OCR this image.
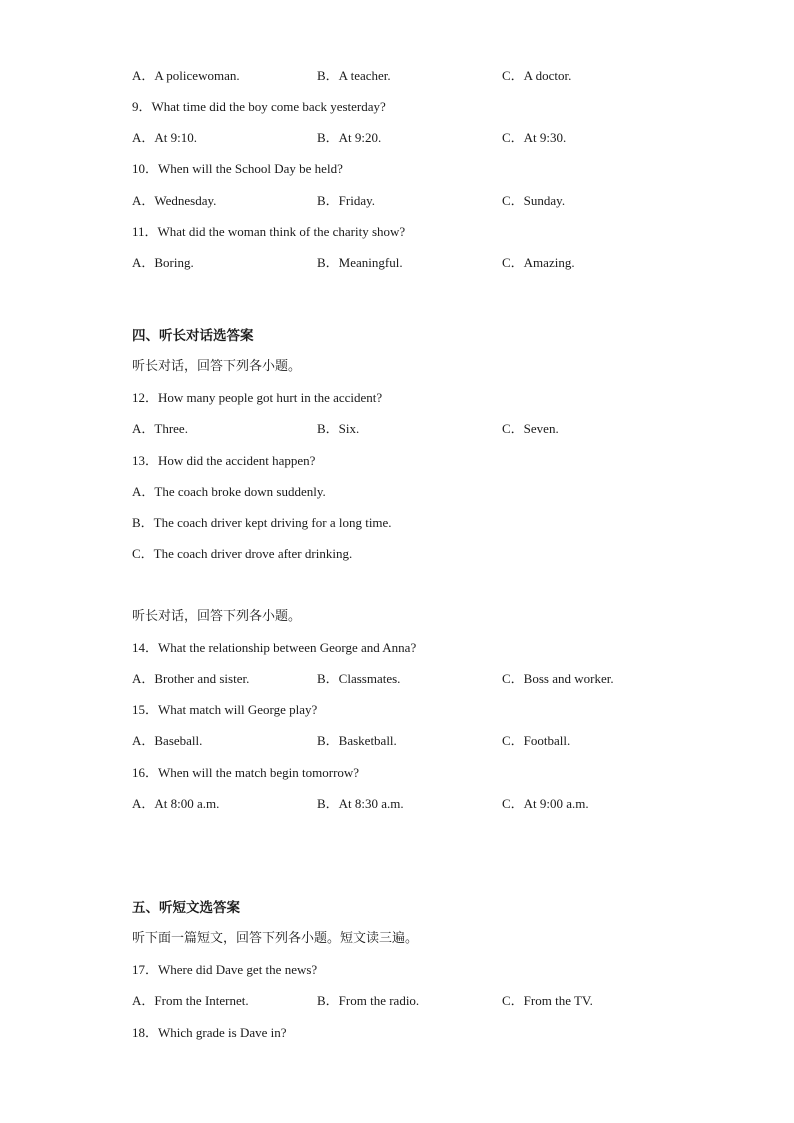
A．A policewoman.	B．A teacher.	C．A doctor.
9．What time did the boy come back yesterday?
A．At 9:10.	B．At 9:20.	C．At 9:30.
10．When will the School Day be held?
A．Wednesday.	B．Friday.	C．Sunday.
11．What did the woman think of the charity show?
A．Boring.	B．Meaningful.	C．Amazing.
四、听长对话选答案
听长对话，回答下列各小题。
12．How many people got hurt in the accident?
A．Three.	B．Six.	C．Seven.
13．How did the accident happen?
A．The coach broke down suddenly.
B．The coach driver kept driving for a long time.
C．The coach driver drove after drinking.
听长对话，回答下列各小题。
14．What the relationship between George and Anna?
A．Brother and sister.	B．Classmates.	C．Boss and worker.
15．What match will George play?
A．Baseball.	B．Basketball.	C．Football.
16．When will the match begin tomorrow?
A．At 8:00 a.m.	B．At 8:30 a.m.	C．At 9:00 a.m.
五、听短文选答案
听下面一篇短文，回答下列各小题。短文读三遍。
17．Where did Dave get the news?
A．From the Internet.	B．From the radio.	C．From the TV.
18．Which grade is Dave in?
